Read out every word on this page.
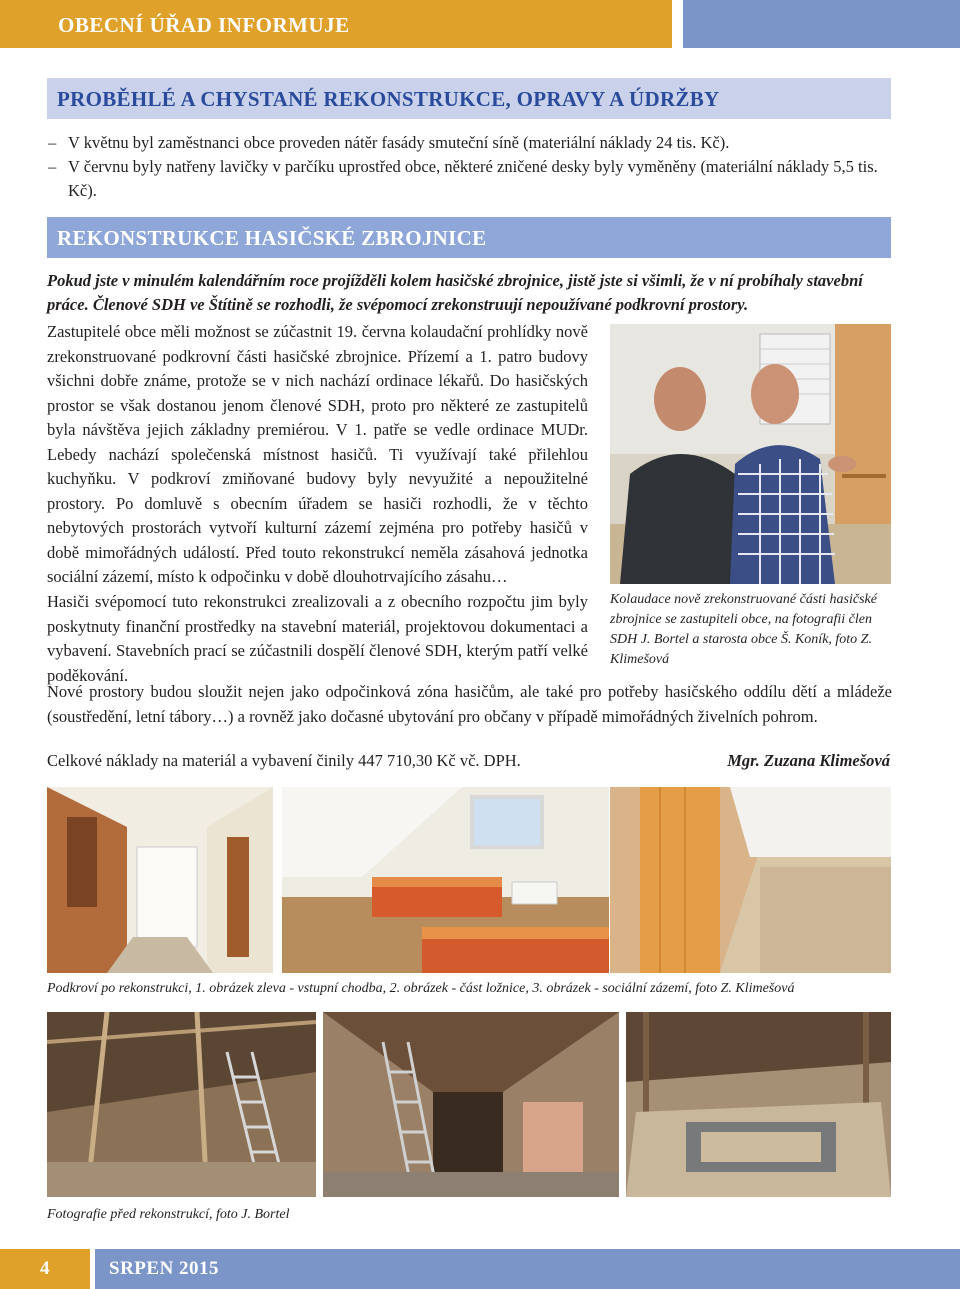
OBECNÍ ÚŘAD INFORMUJE
PROBĚHLÉ A CHYSTANÉ REKONSTRUKCE, OPRAVY A ÚDRŽBY
– V květnu byl zaměstnanci obce proveden nátěr fasády smuteční síně (materiální náklady 24 tis. Kč).
– V červnu byly natřeny lavičky v parčíku uprostřed obce, některé zničené desky byly vyměněny (materiální náklady 5,5 tis. Kč).
REKONSTRUKCE HASIČSKÉ ZBROJNICE
Pokud jste v minulém kalendářním roce projížděli kolem hasičské zbrojnice, jistě jste si všimli, že v ní probíhaly stavební práce. Členové SDH ve Štítině se rozhodli, že svépomocí zrekonstruují nepoužívané podkrovní prostory.
Zastupitelé obce měli možnost se zúčastnit 19. června kolaudační prohlídky nově zrekonstruované podkrovní části hasičské zbrojnice. Přízemí a 1. patro budovy všichni dobře známe, protože se v nich nachází ordinace lékařů. Do hasičských prostor se však dostanou jenom členové SDH, proto pro některé ze zastupitelů byla návštěva jejich základny premiérou. V 1. patře se vedle ordinace MUDr. Lebedy nachází společenská místnost hasičů. Ti využívají také přilehlou kuchyňku. V podkroví zmiňované budovy byly nevyužité a nepoužitelné prostory. Po domluvě s obecním úřadem se hasiči rozhodli, že v těchto nebytových prostorách vytvoří kulturní zázemí zejména pro potřeby hasičů v době mimořádných událostí. Před touto rekonstrukcí neměla zásahová jednotka sociální zázemí, místo k odpočinku v době dlouhotrvajícího zásahu…
Hasiči svépomocí tuto rekonstrukci zrealizovali a z obecního rozpočtu jim byly poskytnuty finanční prostředky na stavební materiál, projektovou dokumentaci a vybavení. Stavebních prací se zúčastnili dospělí členové SDH, kterým patří velké poděkování.
Nové prostory budou sloužit nejen jako odpočinková zóna hasičům, ale také pro potřeby hasičského oddílu dětí a mládeže (soustředění, letní tábory…) a rovněž jako dočasné ubytování pro občany v případě mimořádných živelních pohrom.
Celkové náklady na materiál a vybavení činily 447 710,30 Kč vč. DPH.	Mgr. Zuzana Klimešová
Kolaudace nově zrekonstruované části hasičské zbrojnice se zastupiteli obce, na fotografii člen SDH J. Bortel a starosta obce Š. Koník, foto Z. Klimešová
Podkroví po rekonstrukci, 1. obrázek zleva - vstupní chodba, 2. obrázek - část ložnice, 3. obrázek - sociální zázemí, foto Z. Klimešová
Fotografie před rekonstrukcí, foto J. Bortel
4	SRPEN 2015
